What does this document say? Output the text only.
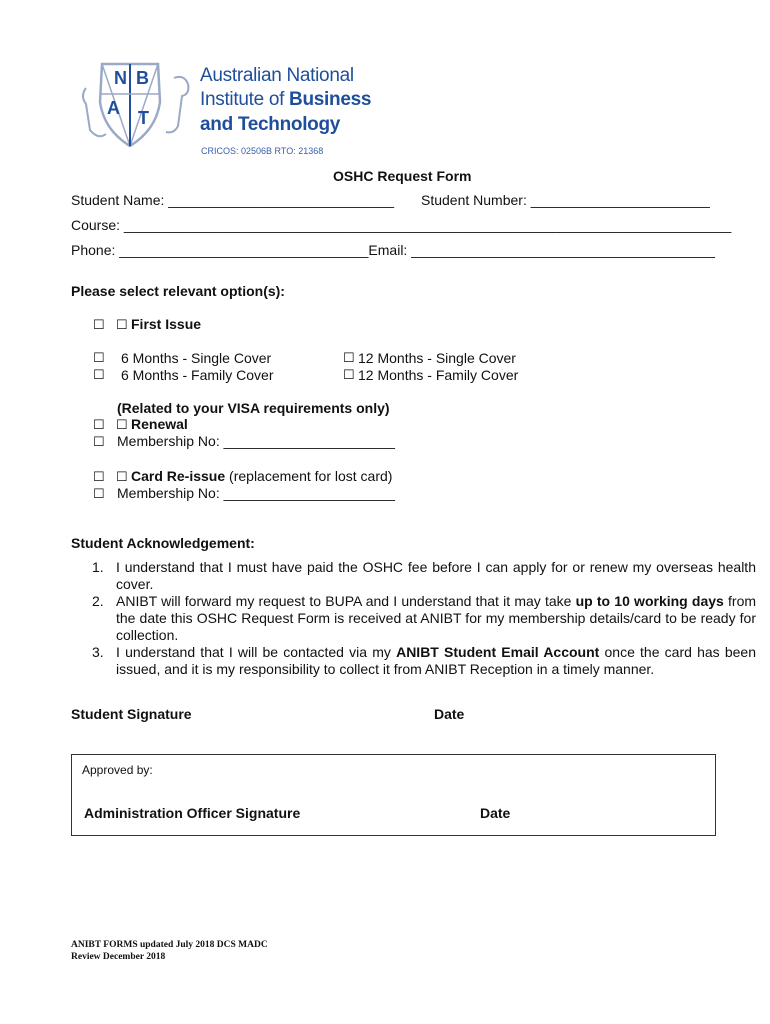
N B
A T
Australian National
Institute of Business
and Technology
CRICOS: 02506B RTO: 21368
OSHC Request Form
Student Name: _____________________________ Student Number: _______________________
Course: ______________________________________________________________________________
Phone: ________________________________Email: _______________________________________
Please select relevant option(s):
☐ ☐ First Issue
☐ 6 Months - Single Cover	☐ 12 Months - Single Cover
☐ 6 Months - Family Cover	☐ 12 Months - Family Cover
(Related to your VISA requirements only)
☐ ☐ Renewal
☐ Membership No: ______________________
☐ ☐ Card Re-issue (replacement for lost card)
☐ Membership No: ______________________
Student Acknowledgement:
1. I understand that I must have paid the OSHC fee before I can apply for or renew my overseas health cover.
2. ANIBT will forward my request to BUPA and I understand that it may take up to 10 working days from the date this OSHC Request Form is received at ANIBT for my membership details/card to be ready for collection.
3. I understand that I will be contacted via my ANIBT Student Email Account once the card has been issued, and it is my responsibility to collect it from ANIBT Reception in a timely manner.
Student Signature	Date
Approved by:
Administration Officer Signature	Date
ANIBT FORMS updated July 2018 DCS MADC
Review December 2018
